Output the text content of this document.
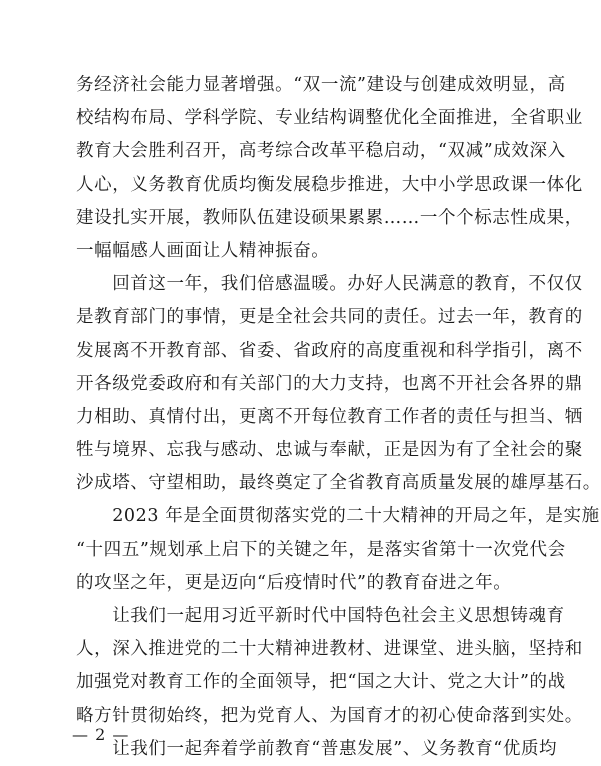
务经济社会能力显著增强。“双一流”建设与创建成效明显，高
校结构布局、学科学院、专业结构调整优化全面推进，全省职业
教育大会胜利召开，高考综合改革平稳启动，“双减”成效深入
人心，义务教育优质均衡发展稳步推进，大中小学思政课一体化
建设扎实开展，教师队伍建设硕果累累……一个个标志性成果，
一幅幅感人画面让人精神振奋。
　　回首这一年，我们倍感温暖。办好人民满意的教育，不仅仅
是教育部门的事情，更是全社会共同的责任。过去一年，教育的
发展离不开教育部、省委、省政府的高度重视和科学指引，离不
开各级党委政府和有关部门的大力支持，也离不开社会各界的鼎
力相助、真情付出，更离不开每位教育工作者的责任与担当、牺
牲与境界、忘我与感动、忠诚与奉献，正是因为有了全社会的聚
沙成塔、守望相助，最终奠定了全省教育高质量发展的雄厚基石。
　　2023 年是全面贯彻落实党的二十大精神的开局之年，是实施
“十四五”规划承上启下的关键之年，是落实省第十一次党代会
的攻坚之年，更是迈向“后疫情时代”的教育奋进之年。
　　让我们一起用习近平新时代中国特色社会主义思想铸魂育
人，深入推进党的二十大精神进教材、进课堂、进头脑，坚持和
加强党对教育工作的全面领导，把“国之大计、党之大计”的战
略方针贯彻始终，把为党育人、为国育才的初心使命落到实处。
　　让我们一起奔着学前教育“普惠发展”、义务教育“优质均
— 2 —
